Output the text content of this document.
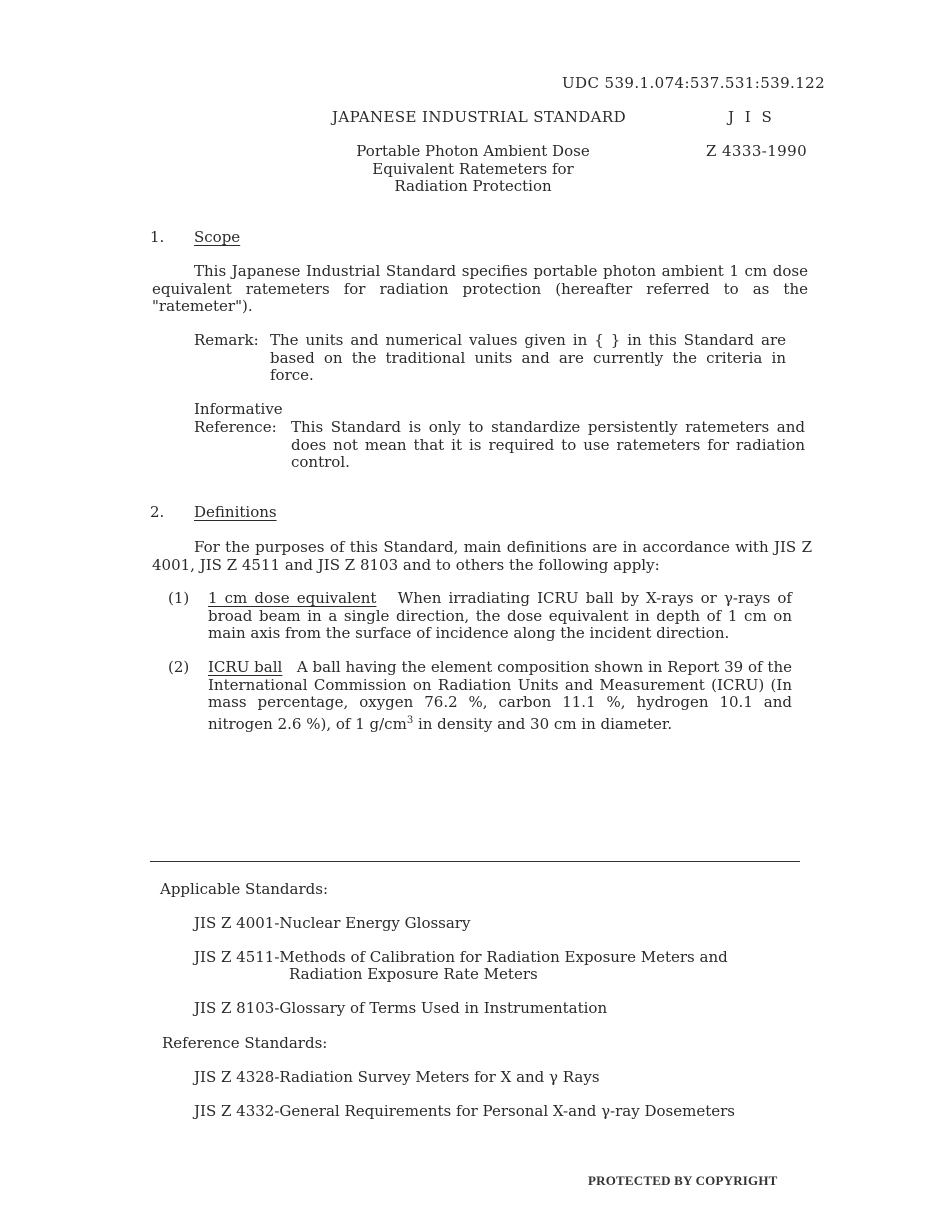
UDC 539.1.074:537.531:539.122
JAPANESE INDUSTRIAL STANDARD	J I S
Portable Photon Ambient Dose
Equivalent Ratemeters for
Radiation Protection
Z 4333-1990
1. Scope
This Japanese Industrial Standard specifies portable photon ambient 1 cm dose equivalent ratemeters for radiation protection (hereafter referred to as the "ratemeter").
Remark: The units and numerical values given in { } in this Standard are based on the traditional units and are currently the criteria in force.
Informative
Reference: This Standard is only to standardize persistently ratemeters and does not mean that it is required to use ratemeters for radiation control.
2. Definitions
For the purposes of this Standard, main definitions are in accordance with JIS Z 4001, JIS Z 4511 and JIS Z 8103 and to others the following apply:
(1) 1 cm dose equivalent When irradiating ICRU ball by X-rays or γ-rays of broad beam in a single direction, the dose equivalent in depth of 1 cm on main axis from the surface of incidence along the incident direction.
(2) ICRU ball A ball having the element composition shown in Report 39 of the International Commission on Radiation Units and Measurement (ICRU) (In mass percentage, oxygen 76.2 %, carbon 11.1 %, hydrogen 10.1 and nitrogen 2.6 %), of 1 $g/cm^3$ in density and 30 cm in diameter.
Applicable Standards:
JIS Z 4001-Nuclear Energy Glossary
JIS Z 4511-Methods of Calibration for Radiation Exposure Meters and
Radiation Exposure Rate Meters
JIS Z 8103-Glossary of Terms Used in Instrumentation
Reference Standards:
JIS Z 4328-Radiation Survey Meters for X and γ Rays
JIS Z 4332-General Requirements for Personal X-and γ-ray Dosemeters
PROTECTED BY COPYRIGHT
